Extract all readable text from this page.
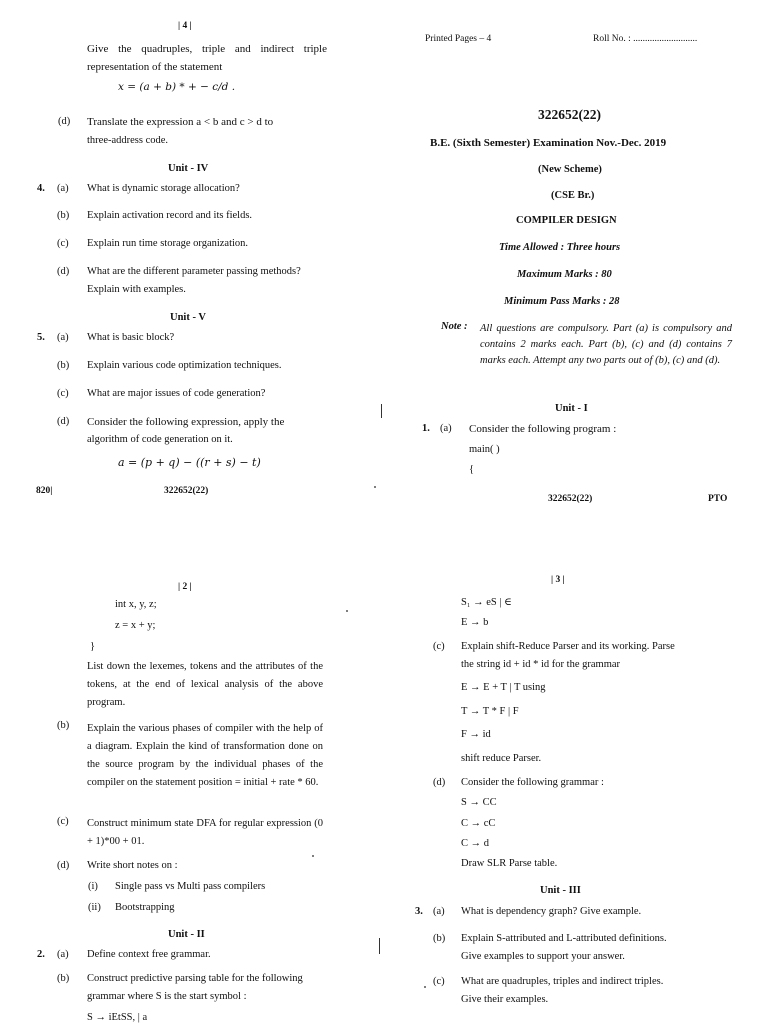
| 4 |
Give the quadruples, triple and indirect triple representation of the statement
x = (a + b) * + − c/d .
(d) Translate the expression a < b and c > d to
three-address code.
Unit - IV
4. (a) What is dynamic storage allocation?
(b) Explain activation record and its fields.
(c) Explain run time storage organization.
(d) What are the different parameter passing methods?
Explain with examples.
Unit - V
5. (a) What is basic block?
(b) Explain various code optimization techniques.
(c) What are major issues of code generation?
(d) Consider the following expression, apply the
algorithm of code generation on it.
a = (p + q) − ((r + s) − t)
820|	322652(22)
Printed Pages – 4	Roll No. : ...........................
322652(22)
B.E. (Sixth Semester) Examination Nov.-Dec. 2019
(New Scheme)
(CSE Br.)
COMPILER DESIGN
Time Allowed : Three hours
Maximum Marks : 80
Minimum Pass Marks : 28
Note : All questions are compulsory. Part (a) is compulsory and contains 2 marks each. Part (b), (c) and (d) contains 7 marks each. Attempt any two parts out of (b), (c) and (d).
Unit - I
1. (a) Consider the following program :
main( )
{
322652(22)	PTO
| 2 |
int x, y, z;
z = x + y;
}
List down the lexemes, tokens and the attributes of the tokens, at the end of lexical analysis of the above program.
(b) Explain the various phases of compiler with the help of a diagram. Explain the kind of transformation done on the source program by the individual phases of the compiler on the statement position = initial + rate * 60.
(c) Construct minimum state DFA for regular expression (0 + 1)*00 + 01.
(d) Write short notes on :
(i) Single pass vs Multi pass compilers
(ii) Bootstrapping
Unit - II
2. (a) Define context free grammar.
(b) Construct predictive parsing table for the following
grammar where S is the start symbol :
S → iEtSS, | a
| 3 |
S₁ → eS | ∈
E → b
(c) Explain shift-Reduce Parser and its working. Parse
the string id + id * id for the grammar
E → E + T | T using
T → T * F | F
F → id
shift reduce Parser.
(d) Consider the following grammar :
S → CC
C → cC
C → d
Draw SLR Parse table.
Unit - III
3. (a) What is dependency graph? Give example.
(b) Explain S-attributed and L-attributed definitions.
Give examples to support your answer.
(c) What are quadruples, triples and indirect triples.
Give their examples.
